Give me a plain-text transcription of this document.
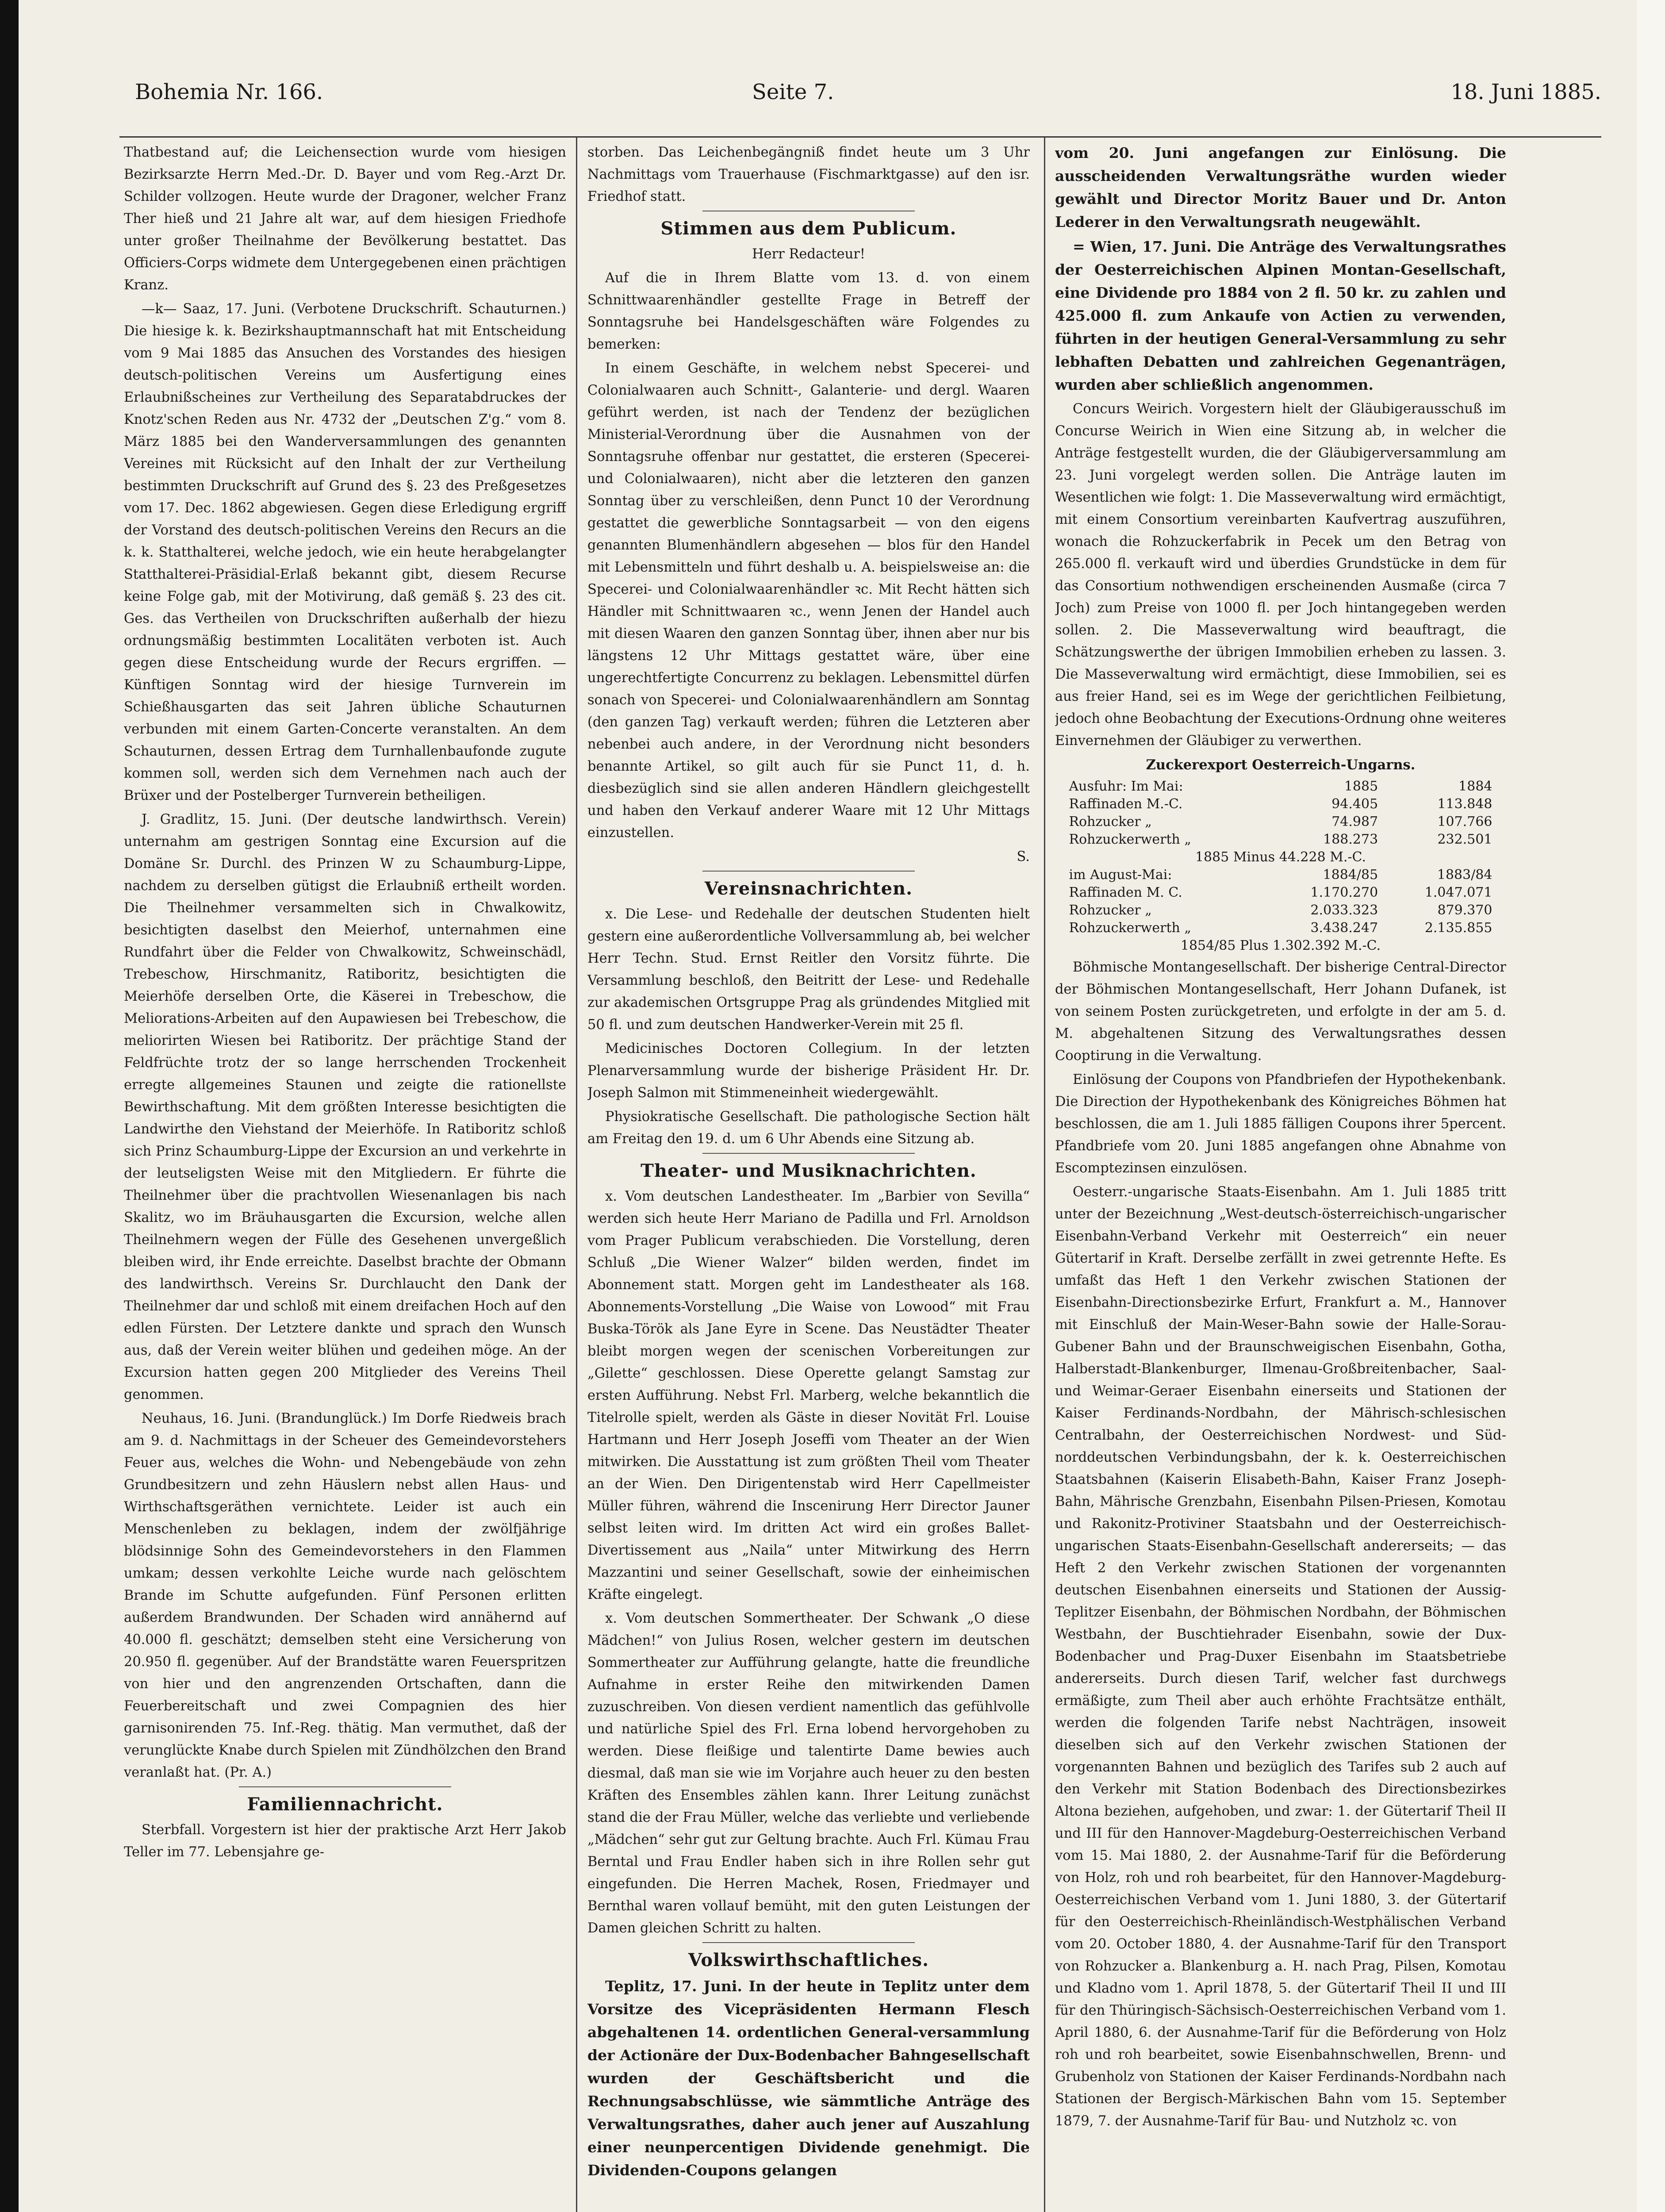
Bohemia Nr. 166.	Seite 7.	18. Juni 1885.

Thatbestand auf; die Leichensection wurde vom hiesigen Bezirksarzte Herrn Med.-Dr. D. Bayer und vom Reg.-Arzt Dr. Schilder vollzogen. Heute wurde der Dragoner, welcher Franz Ther hieß und 21 Jahre alt war, auf dem hiesigen Friedhofe unter großer Theilnahme der Bevölkerung bestattet. Das Officiers-Corps widmete dem Untergegebenen einen prächtigen Kranz.

—k— Saaz, 17. Juni. (Verbotene Druckschrift. Schauturnen.) Die hiesige k. k. Bezirkshauptmannschaft hat mit Entscheidung vom 9 Mai 1885 das Ansuchen des Vorstandes des hiesigen deutsch-politischen Vereins um Ausfertigung eines Erlaubnißscheines zur Vertheilung des Separatabdruckes der Knotz'schen Reden aus Nr. 4732 der „Deutschen Z'g.“ vom 8. März 1885 bei den Wanderversammlungen des genannten Vereines mit Rücksicht auf den Inhalt der zur Vertheilung bestimmten Druckschrift auf Grund des §. 23 des Preßgesetzes vom 17. Dec. 1862 abgewiesen. Gegen diese Erledigung ergriff der Vorstand des deutsch-politischen Vereins den Recurs an die k. k. Statthalterei, welche jedoch, wie ein heute herabgelangter Statthalterei-Präsidial-Erlaß bekannt gibt, diesem Recurse keine Folge gab, mit der Motivirung, daß gemäß §. 23 des cit. Ges. das Vertheilen von Druckschriften außerhalb der hiezu ordnungsmäßig bestimmten Localitäten verboten ist. Auch gegen diese Entscheidung wurde der Recurs ergriffen. — Künftigen Sonntag wird der hiesige Turnverein im Schießhausgarten das seit Jahren übliche Schauturnen verbunden mit einem Garten-Concerte veranstalten. An dem Schauturnen, dessen Ertrag dem Turnhallenbaufonde zugute kommen soll, werden sich dem Vernehmen nach auch der Brüxer und der Postelberger Turnverein betheiligen.

J. Gradlitz, 15. Juni. (Der deutsche landwirthsch. Verein) unternahm am gestrigen Sonntag eine Excursion auf die Domäne Sr. Durchl. des Prinzen W zu Schaumburg-Lippe, nachdem zu derselben gütigst die Erlaubniß ertheilt worden. Die Theilnehmer versammelten sich in Chwalkowitz, besichtigten daselbst den Meierhof, unternahmen eine Rundfahrt über die Felder von Chwalkowitz, Schweinschädl, Trebeschow, Hirschmanitz, Ratiboritz, besichtigten die Meierhöfe derselben Orte, die Käserei in Trebeschow, die Meliorations-Arbeiten auf den Aupawiesen bei Trebeschow, die meliorirten Wiesen bei Ratiboritz. Der prächtige Stand der Feldfrüchte trotz der so lange herrschenden Trockenheit erregte allgemeines Staunen und zeigte die rationellste Bewirthschaftung. Mit dem größten Interesse besichtigten die Landwirthe den Viehstand der Meierhöfe. In Ratiboritz schloß sich Prinz Schaumburg-Lippe der Excursion an und verkehrte in der leutseligsten Weise mit den Mitgliedern. Er führte die Theilnehmer über die prachtvollen Wiesenanlagen bis nach Skalitz, wo im Bräuhausgarten die Excursion, welche allen Theilnehmern wegen der Fülle des Gesehenen unvergeßlich bleiben wird, ihr Ende erreichte. Daselbst brachte der Obmann des landwirthsch. Vereins Sr. Durchlaucht den Dank der Theilnehmer dar und schloß mit einem dreifachen Hoch auf den edlen Fürsten. Der Letztere dankte und sprach den Wunsch aus, daß der Verein weiter blühen und gedeihen möge. An der Excursion hatten gegen 200 Mitglieder des Vereins Theil genommen.

Neuhaus, 16. Juni. (Brandunglück.) Im Dorfe Riedweis brach am 9. d. Nachmittags in der Scheuer des Gemeindevorstehers Feuer aus, welches die Wohn- und Nebengebäude von zehn Grundbesitzern und zehn Häuslern nebst allen Haus- und Wirthschaftsgeräthen vernichtete. Leider ist auch ein Menschenleben zu beklagen, indem der zwölfjährige blödsinnige Sohn des Gemeindevorstehers in den Flammen umkam; dessen verkohlte Leiche wurde nach gelöschtem Brande im Schutte aufgefunden. Fünf Personen erlitten außerdem Brandwunden. Der Schaden wird annähernd auf 40.000 fl. geschätzt; demselben steht eine Versicherung von 20.950 fl. gegenüber. Auf der Brandstätte waren Feuerspritzen von hier und den angrenzenden Ortschaften, dann die Feuerbereitschaft und zwei Compagnien des hier garnisonirenden 75. Inf.-Reg. thätig. Man vermuthet, daß der verunglückte Knabe durch Spielen mit Zündhölzchen den Brand veranlaßt hat. (Pr. A.)

Familiennachricht.

Sterbfall. Vorgestern ist hier der praktische Arzt Herr Jakob Teller im 77. Lebensjahre ge-

storben. Das Leichenbegängniß findet heute um 3 Uhr Nachmittags vom Trauerhause (Fischmarktgasse) auf den isr. Friedhof statt.

Stimmen aus dem Publicum.

Herr Redacteur!

Auf die in Ihrem Blatte vom 13. d. von einem Schnittwaarenhändler gestellte Frage in Betreff der Sonntagsruhe bei Handelsgeschäften wäre Folgendes zu bemerken:

In einem Geschäfte, in welchem nebst Specerei- und Colonialwaaren auch Schnitt-, Galanterie- und dergl. Waaren geführt werden, ist nach der Tendenz der bezüglichen Ministerial-Verordnung über die Ausnahmen von der Sonntagsruhe offenbar nur gestattet, die ersteren (Specerei- und Colonialwaaren), nicht aber die letzteren den ganzen Sonntag über zu verschleißen, denn Punct 10 der Verordnung gestattet die gewerbliche Sonntagsarbeit — von den eigens genannten Blumenhändlern abgesehen — blos für den Handel mit Lebensmitteln und führt deshalb u. A. beispielsweise an: die Specerei- und Colonialwaarenhändler ꝛc. Mit Recht hätten sich Händler mit Schnittwaaren ꝛc., wenn Jenen der Handel auch mit diesen Waaren den ganzen Sonntag über, ihnen aber nur bis längstens 12 Uhr Mittags gestattet wäre, über eine ungerechtfertigte Concurrenz zu beklagen. Lebensmittel dürfen sonach von Specerei- und Colonialwaarenhändlern am Sonntag (den ganzen Tag) verkauft werden; führen die Letzteren aber nebenbei auch andere, in der Verordnung nicht besonders benannte Artikel, so gilt auch für sie Punct 11, d. h. diesbezüglich sind sie allen anderen Händlern gleichgestellt und haben den Verkauf anderer Waare mit 12 Uhr Mittags einzustellen.

S.

Vereinsnachrichten.

x. Die Lese- und Redehalle der deutschen Studenten hielt gestern eine außerordentliche Vollversammlung ab, bei welcher Herr Techn. Stud. Ernst Reitler den Vorsitz führte. Die Versammlung beschloß, den Beitritt der Lese- und Redehalle zur akademischen Ortsgruppe Prag als gründendes Mitglied mit 50 fl. und zum deutschen Handwerker-Verein mit 25 fl.

Medicinisches Doctoren Collegium. In der letzten Plenarversammlung wurde der bisherige Präsident Hr. Dr. Joseph Salmon mit Stimmeneinheit wiedergewählt.

Physiokratische Gesellschaft. Die pathologische Section hält am Freitag den 19. d. um 6 Uhr Abends eine Sitzung ab.

Theater- und Musiknachrichten.

x. Vom deutschen Landestheater. Im „Barbier von Sevilla“ werden sich heute Herr Mariano de Padilla und Frl. Arnoldson vom Prager Publicum verabschieden. Die Vorstellung, deren Schluß „Die Wiener Walzer“ bilden werden, findet im Abonnement statt. Morgen geht im Landestheater als 168. Abonnements-Vorstellung „Die Waise von Lowood“ mit Frau Buska-Török als Jane Eyre in Scene. Das Neustädter Theater bleibt morgen wegen der scenischen Vorbereitungen zur „Gilette“ geschlossen. Diese Operette gelangt Samstag zur ersten Aufführung. Nebst Frl. Marberg, welche bekanntlich die Titelrolle spielt, werden als Gäste in dieser Novität Frl. Louise Hartmann und Herr Joseph Joseffi vom Theater an der Wien mitwirken. Die Ausstattung ist zum größten Theil vom Theater an der Wien. Den Dirigentenstab wird Herr Capellmeister Müller führen, während die Inscenirung Herr Director Jauner selbst leiten wird. Im dritten Act wird ein großes Ballet-Divertissement aus „Naila“ unter Mitwirkung des Herrn Mazzantini und seiner Gesellschaft, sowie der einheimischen Kräfte eingelegt.

x. Vom deutschen Sommertheater. Der Schwank „O diese Mädchen!“ von Julius Rosen, welcher gestern im deutschen Sommertheater zur Aufführung gelangte, hatte die freundliche Aufnahme in erster Reihe den mitwirkenden Damen zuzuschreiben. Von diesen verdient namentlich das gefühlvolle und natürliche Spiel des Frl. Erna lobend hervorgehoben zu werden. Diese fleißige und talentirte Dame bewies auch diesmal, daß man sie wie im Vorjahre auch heuer zu den besten Kräften des Ensembles zählen kann. Ihrer Leitung zunächst stand die der Frau Müller, welche das verliebte und verliebende „Mädchen“ sehr gut zur Geltung brachte. Auch Frl. Kümau Frau Berntal und Frau Endler haben sich in ihre Rollen sehr gut eingefunden. Die Herren Machek, Rosen, Friedmayer und Bernthal waren vollauf bemüht, mit den guten Leistungen der Damen gleichen Schritt zu halten.

Volkswirthschaftliches.

Teplitz, 17. Juni. In der heute in Teplitz unter dem Vorsitze des Vicepräsidenten Hermann Flesch abgehaltenen 14. ordentlichen General-versammlung der Actionäre der Dux-Bodenbacher Bahngesellschaft wurden der Geschäftsbericht und die Rechnungsabschlüsse, wie sämmtliche Anträge des Verwaltungsrathes, daher auch jener auf Auszahlung einer neunpercentigen Dividende genehmigt. Die Dividenden-Coupons gelangen

vom 20. Juni angefangen zur Einlösung. Die ausscheidenden Verwaltungsräthe wurden wieder gewählt und Director Moritz Bauer und Dr. Anton Lederer in den Verwaltungsrath neugewählt.

= Wien, 17. Juni. Die Anträge des Verwaltungsrathes der Oesterreichischen Alpinen Montan-Gesellschaft, eine Dividende pro 1884 von 2 fl. 50 kr. zu zahlen und 425.000 fl. zum Ankaufe von Actien zu verwenden, führten in der heutigen General-Versammlung zu sehr lebhaften Debatten und zahlreichen Gegenanträgen, wurden aber schließlich angenommen.

Concurs Weirich. Vorgestern hielt der Gläubigerausschuß im Concurse Weirich in Wien eine Sitzung ab, in welcher die Anträge festgestellt wurden, die der Gläubigerversammlung am 23. Juni vorgelegt werden sollen. Die Anträge lauten im Wesentlichen wie folgt: 1. Die Masseverwaltung wird ermächtigt, mit einem Consortium vereinbarten Kaufvertrag auszuführen, wonach die Rohzuckerfabrik in Pecek um den Betrag von 265.000 fl. verkauft wird und überdies Grundstücke in dem für das Consortium nothwendigen erscheinenden Ausmaße (circa 7 Joch) zum Preise von 1000 fl. per Joch hintangegeben werden sollen. 2. Die Masseverwaltung wird beauftragt, die Schätzungswerthe der übrigen Immobilien erheben zu lassen. 3. Die Masseverwaltung wird ermächtigt, diese Immobilien, sei es aus freier Hand, sei es im Wege der gerichtlichen Feilbietung, jedoch ohne Beobachtung der Executions-Ordnung ohne weiteres Einvernehmen der Gläubiger zu verwerthen.

Zuckerexport Oesterreich-Ungarns.

Ausfuhr: Im Mai:	1885	1884
Raffinaden M.-C.	94.405	113.848
Rohzucker „	74.987	107.766
Rohzuckerwerth „	188.273	232.501
1885 Minus 44.228 M.-C.		
im August-Mai:	1884/85	1883/84
Raffinaden M. C.	1.170.270	1.047.071
Rohzucker „	2.033.323	879.370
Rohzuckerwerth „	3.438.247	2.135.855
1854/85 Plus 1.302.392 M.-C.		

Böhmische Montangesellschaft. Der bisherige Central-Director der Böhmischen Montangesellschaft, Herr Johann Dufanek, ist von seinem Posten zurückgetreten, und erfolgte in der am 5. d. M. abgehaltenen Sitzung des Verwaltungsrathes dessen Cooptirung in die Verwaltung.

Einlösung der Coupons von Pfandbriefen der Hypothekenbank. Die Direction der Hypothekenbank des Königreiches Böhmen hat beschlossen, die am 1. Juli 1885 fälligen Coupons ihrer 5percent. Pfandbriefe vom 20. Juni 1885 angefangen ohne Abnahme von Escomptezinsen einzulösen.

Oesterr.-ungarische Staats-Eisenbahn. Am 1. Juli 1885 tritt unter der Bezeichnung „West-deutsch-österreichisch-ungarischer Eisenbahn-Verband Verkehr mit Oesterreich“ ein neuer Gütertarif in Kraft. Derselbe zerfällt in zwei getrennte Hefte. Es umfaßt das Heft 1 den Verkehr zwischen Stationen der Eisenbahn-Directionsbezirke Erfurt, Frankfurt a. M., Hannover mit Einschluß der Main-Weser-Bahn sowie der Halle-Sorau-Gubener Bahn und der Braunschweigischen Eisenbahn, Gotha, Halberstadt-Blankenburger, Ilmenau-Großbreitenbacher, Saal- und Weimar-Geraer Eisenbahn einerseits und Stationen der Kaiser Ferdinands-Nordbahn, der Mährisch-schlesischen Centralbahn, der Oesterreichischen Nordwest- und Süd-norddeutschen Verbindungsbahn, der k. k. Oesterreichischen Staatsbahnen (Kaiserin Elisabeth-Bahn, Kaiser Franz Joseph-Bahn, Mährische Grenzbahn, Eisenbahn Pilsen-Priesen, Komotau und Rakonitz-Protiviner Staatsbahn und der Oesterreichisch-ungarischen Staats-Eisenbahn-Gesellschaft andererseits; — das Heft 2 den Verkehr zwischen Stationen der vorgenannten deutschen Eisenbahnen einerseits und Stationen der Aussig-Teplitzer Eisenbahn, der Böhmischen Nordbahn, der Böhmischen Westbahn, der Buschtiehrader Eisenbahn, sowie der Dux-Bodenbacher und Prag-Duxer Eisenbahn im Staatsbetriebe andererseits. Durch diesen Tarif, welcher fast durchwegs ermäßigte, zum Theil aber auch erhöhte Frachtsätze enthält, werden die folgenden Tarife nebst Nachträgen, insoweit dieselben sich auf den Verkehr zwischen Stationen der vorgenannten Bahnen und bezüglich des Tarifes sub 2 auch auf den Verkehr mit Station Bodenbach des Directionsbezirkes Altona beziehen, aufgehoben, und zwar: 1. der Gütertarif Theil II und III für den Hannover-Magdeburg-Oesterreichischen Verband vom 15. Mai 1880, 2. der Ausnahme-Tarif für die Beförderung von Holz, roh und roh bearbeitet, für den Hannover-Magdeburg-Oesterreichischen Verband vom 1. Juni 1880, 3. der Gütertarif für den Oesterreichisch-Rheinländisch-Westphälischen Verband vom 20. October 1880, 4. der Ausnahme-Tarif für den Transport von Rohzucker a. Blankenburg a. H. nach Prag, Pilsen, Komotau und Kladno vom 1. April 1878, 5. der Gütertarif Theil II und III für den Thüringisch-Sächsisch-Oesterreichischen Verband vom 1. April 1880, 6. der Ausnahme-Tarif für die Beförderung von Holz roh und roh bearbeitet, sowie Eisenbahnschwellen, Brenn- und Grubenholz von Stationen der Kaiser Ferdinands-Nordbahn nach Stationen der Bergisch-Märkischen Bahn vom 15. September 1879, 7. der Ausnahme-Tarif für Bau- und Nutzholz ꝛc. von
